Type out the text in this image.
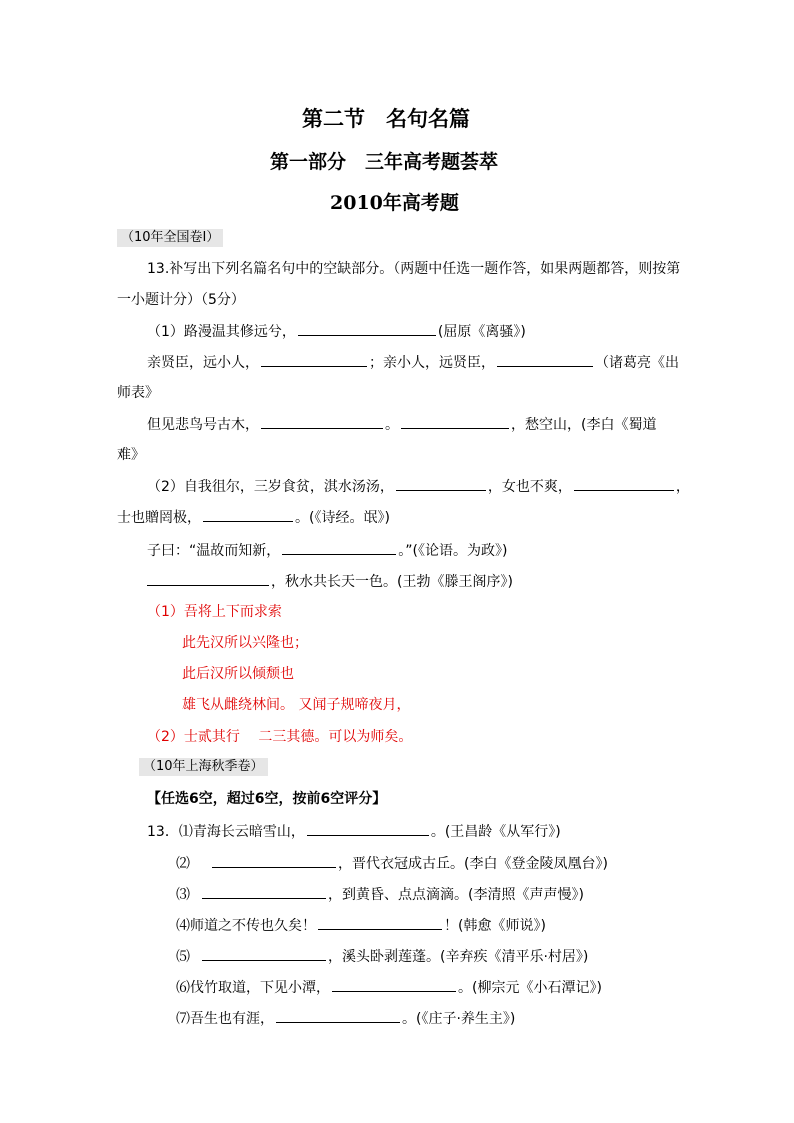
第二节　名句名篇
第一部分　三年高考题荟萃
2010年高考题
（10年全国卷Ⅰ）
13.补写出下列名篇名句中的空缺部分。（两题中任选一题作答，如果两题都答，则按第
一小题计分）（5分）
（1）路漫温其修远兮，	(屈原《离骚》)
亲贤臣，远小人，	；亲小人，远贤臣，	（诸葛亮《出
师表》
但见悲鸟号古木，	。	，愁空山，(李白《蜀道
难》
（2）自我徂尔，三岁食贫，淇水汤汤，	，女也不爽，	，
士也贈罔极，	。(《诗经。氓》)
子曰：“温故而知新，	。”(《论语。为政》)
，秋水共长天一色。(王勃《滕王阁序》)
（1）吾将上下而求索
此先汉所以兴隆也；
此后汉所以倾颓也
雄飞从雌绕林间。 又闻子规啼夜月，
（2）士贰其行　 二三其德。可以为师矣。
（10年上海秋季卷）
【任选6空，超过6空，按前6空评分】
13．⑴青海长云暗雪山，	。(王昌龄《从军行》)
⑵	，晋代衣冠成古丘。(李白《登金陵凤凰台》)
⑶	，到黄昏、点点滴滴。(李清照《声声慢》)
⑷师道之不传也久矣！	！(韩愈《师说》)
⑸	，溪头卧剥莲蓬。(辛弃疾《清平乐·村居》)
⑹伐竹取道，下见小潭，	。(柳宗元《小石潭记》)
⑺吾生也有涯，	。(《庄子·养生主》)
